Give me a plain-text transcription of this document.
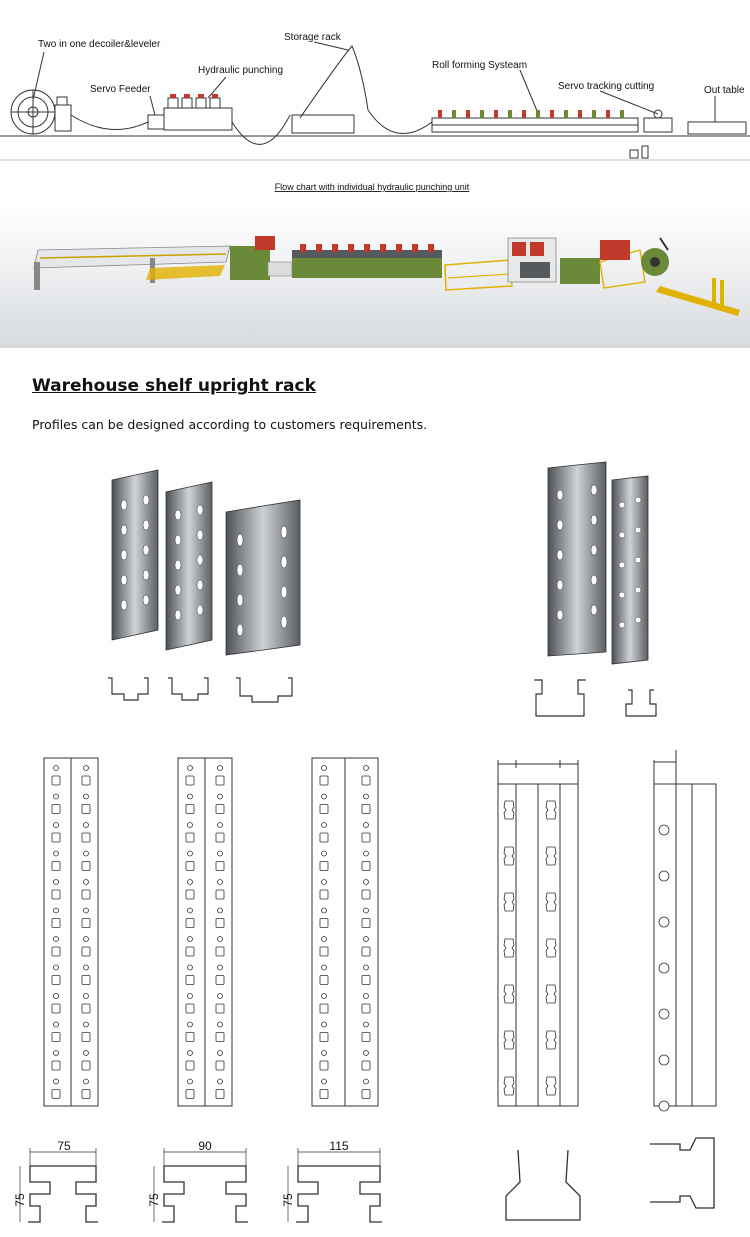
Two in one decoiler&leveler
Servo Feeder
Hydraulic punching
Storage rack
Roll forming Systeam
Servo tracking cutting	Out table
Flow chart with individual hydraulic punching unit
75
75
90
75
115
75
Warehouse shelf upright rack

Profiles can be designed according to customers requirements.
